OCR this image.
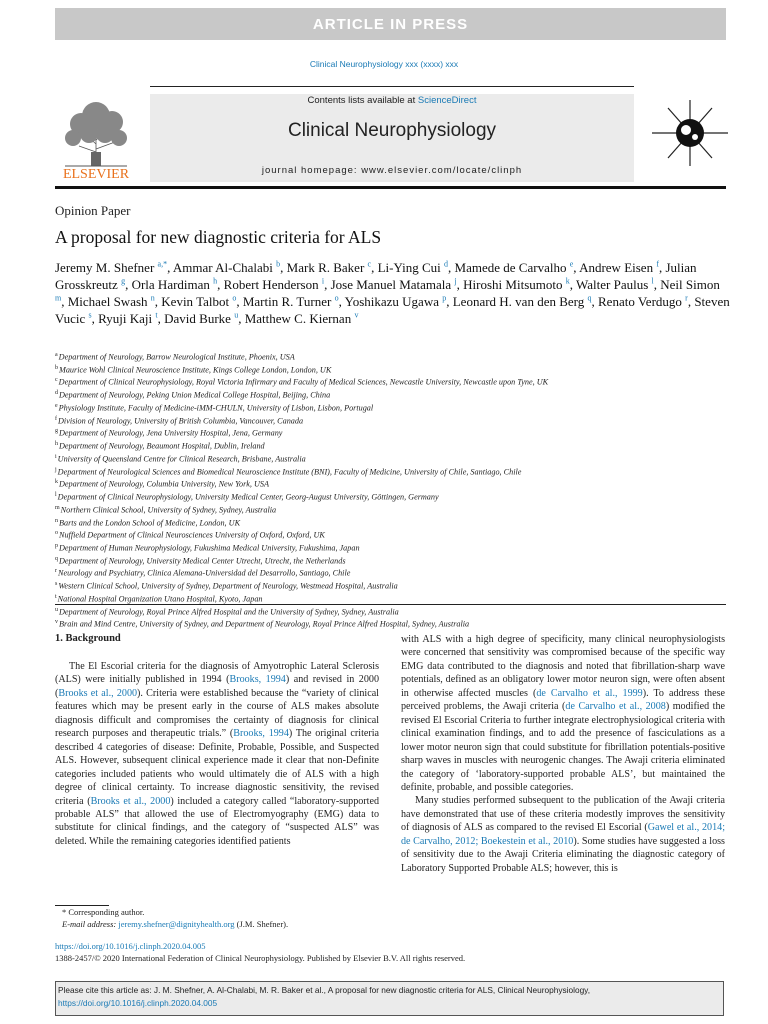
ARTICLE IN PRESS
Clinical Neurophysiology xxx (xxxx) xxx
ELSEVIER
Contents lists available at ScienceDirect
Clinical Neurophysiology
journal homepage: www.elsevier.com/locate/clinph
Opinion Paper
A proposal for new diagnostic criteria for ALS
Jeremy M. Shefner $^{a,*}$, Ammar Al-Chalabi $^b$, Mark R. Baker $^c$, Li-Ying Cui $^d$, Mamede de Carvalho $^e$, Andrew Eisen $^f$, Julian Grosskreutz $^g$, Orla Hardiman $^h$, Robert Henderson $^i$, Jose Manuel Matamala $^j$, Hiroshi Mitsumoto $^k$, Walter Paulus $^l$, Neil Simon $^m$, Michael Swash $^n$, Kevin Talbot $^o$, Martin R. Turner $^o$, Yoshikazu Ugawa $^p$, Leonard H. van den Berg $^q$, Renato Verdugo $^r$, Steven Vucic $^s$, Ryuji Kaji $^t$, David Burke $^u$, Matthew C. Kiernan $^v$
$^a$Department of Neurology, Barrow Neurological Institute, Phoenix, USA
$^b$Maurice Wohl Clinical Neuroscience Institute, Kings College London, London, UK
$^c$Department of Clinical Neurophysiology, Royal Victoria Infirmary and Faculty of Medical Sciences, Newcastle University, Newcastle upon Tyne, UK
$^d$Department of Neurology, Peking Union Medical College Hospital, Beijing, China
$^e$Physiology Institute, Faculty of Medicine-iMM-CHULN, University of Lisbon, Lisbon, Portugal
$^f$Division of Neurology, University of British Columbia, Vancouver, Canada
$^g$Department of Neurology, Jena University Hospital, Jena, Germany
$^h$Department of Neurology, Beaumont Hospital, Dublin, Ireland
$^i$University of Queensland Centre for Clinical Research, Brisbane, Australia
$^j$Department of Neurological Sciences and Biomedical Neuroscience Institute (BNI), Faculty of Medicine, University of Chile, Santiago, Chile
$^k$Department of Neurology, Columbia University, New York, USA
$^l$Department of Clinical Neurophysiology, University Medical Center, Georg-August University, Göttingen, Germany
$^m$Northern Clinical School, University of Sydney, Sydney, Australia
$^n$Barts and the London School of Medicine, London, UK
$^o$Nuffield Department of Clinical Neurosciences University of Oxford, Oxford, UK
$^p$Department of Human Neurophysiology, Fukushima Medical University, Fukushima, Japan
$^q$Department of Neurology, University Medical Center Utrecht, Utrecht, the Netherlands
$^r$Neurology and Psychiatry, Clinica Alemana-Universidad del Desarrollo, Santiago, Chile
$^s$Western Clinical School, University of Sydney, Department of Neurology, Westmead Hospital, Australia
$^t$National Hospital Organization Utano Hospital, Kyoto, Japan
$^u$Department of Neurology, Royal Prince Alfred Hospital and the University of Sydney, Sydney, Australia
$^v$Brain and Mind Centre, University of Sydney, and Department of Neurology, Royal Prince Alfred Hospital, Sydney, Australia
1. Background

The El Escorial criteria for the diagnosis of Amyotrophic Lateral Sclerosis (ALS) were initially published in 1994 (Brooks, 1994) and revised in 2000 (Brooks et al., 2000). Criteria were established because the “variety of clinical features which may be present early in the course of ALS makes absolute diagnosis difficult and compromises the certainty of diagnosis for clinical research purposes and therapeutic trials.” (Brooks, 1994) The original criteria described 4 categories of disease: Definite, Probable, Possible, and Suspected ALS. However, subsequent clinical experience made it clear that non-Definite categories included patients who would ultimately die of ALS with a high degree of clinical certainty. To increase diagnostic sensitivity, the revised criteria (Brooks et al., 2000) included a category called “laboratory-supported probable ALS” that allowed the use of Electromyography (EMG) data to substitute for clinical findings, and the category of “suspected ALS” was deleted. While the remaining categories identified patients

with ALS with a high degree of specificity, many clinical neurophysiologists were concerned that sensitivity was compromised because of the specific way EMG data contributed to the diagnosis and noted that fibrillation-sharp wave potentials, defined as an obligatory lower motor neuron sign, were often absent in otherwise affected muscles (de Carvalho et al., 1999). To address these perceived problems, the Awaji criteria (de Carvalho et al., 2008) modified the revised El Escorial Criteria to further integrate electrophysiological criteria with clinical examination findings, and to add the presence of fasciculations as a lower motor neuron sign that could substitute for fibrillation potentials-positive sharp waves in muscles with neurogenic changes. The Awaji criteria eliminated the category of ‘laboratory-supported probable ALS’, but maintained the definite, probable, and possible categories.

Many studies performed subsequent to the publication of the Awaji criteria have demonstrated that use of these criteria modestly improves the sensitivity of diagnosis of ALS as compared to the revised El Escorial (Gawel et al., 2014; de Carvalho, 2012; Boekestein et al., 2010). Some studies have suggested a loss of sensitivity due to the Awaji Criteria eliminating the diagnostic category of Laboratory Supported Probable ALS; however, this is

* Corresponding author.
E-mail address: jeremy.shefner@dignityhealth.org (J.M. Shefner).
https://doi.org/10.1016/j.clinph.2020.04.005
1388-2457/© 2020 International Federation of Clinical Neurophysiology. Published by Elsevier B.V. All rights reserved.
Please cite this article as: J. M. Shefner, A. Al-Chalabi, M. R. Baker et al., A proposal for new diagnostic criteria for ALS, Clinical Neurophysiology, https://doi.org/10.1016/j.clinph.2020.04.005
